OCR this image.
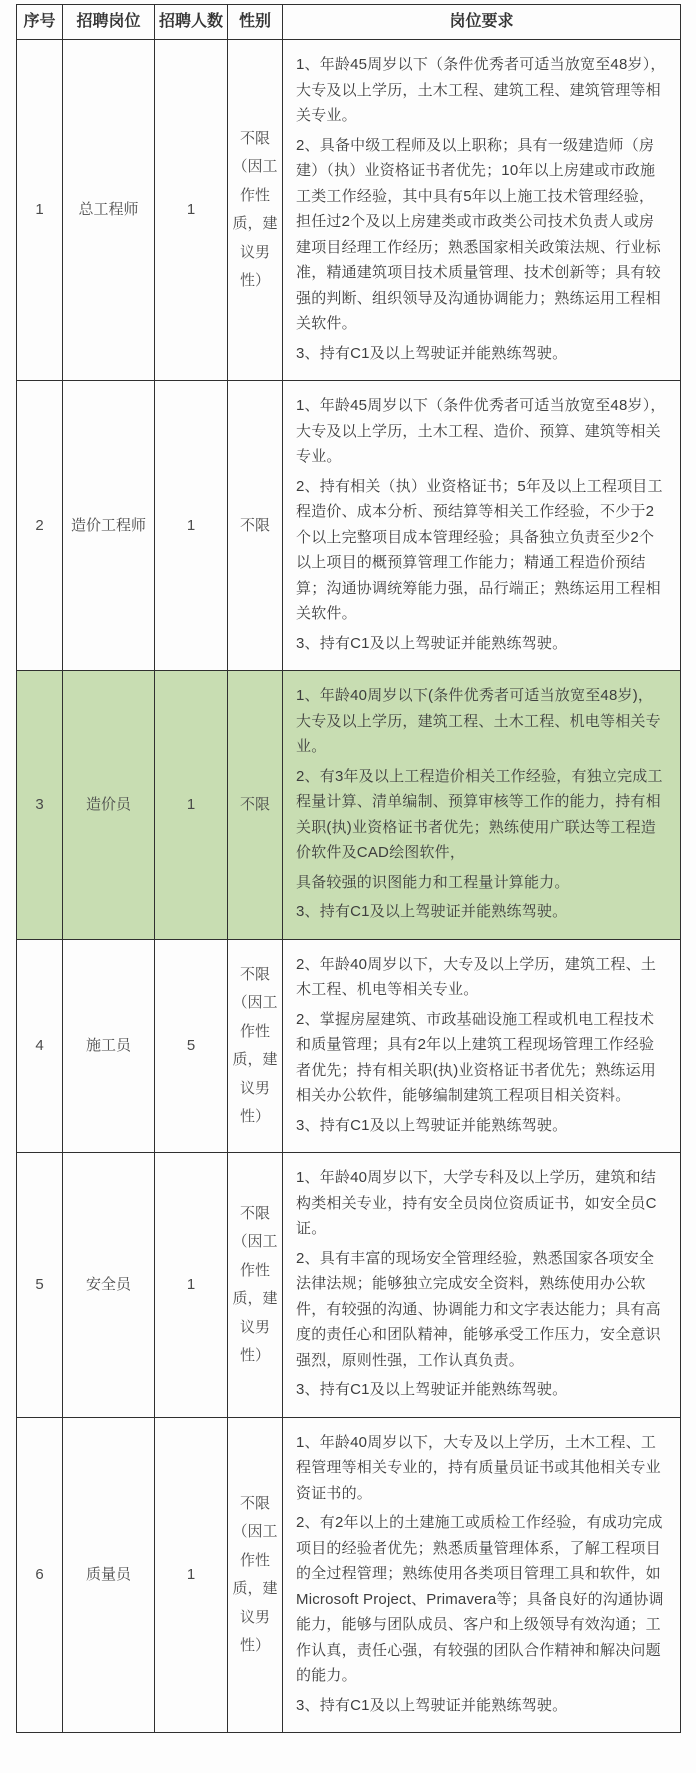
序号	招聘岗位	招聘人数	性别	岗位要求
1	总工程师	1	不限（因工作性质，建议男性）	1、年龄45周岁以下（条件优秀者可适当放宽至48岁），大专及以上学历，土木工程、建筑工程、建筑管理等相关专业。

2、具备中级工程师及以上职称；具有一级建造师（房建）（执）业资格证书者优先；10年以上房建或市政施工类工作经验，其中具有5年以上施工技术管理经验，担任过2个及以上房建类或市政类公司技术负责人或房建项目经理工作经历；熟悉国家相关政策法规、行业标准，精通建筑项目技术质量管理、技术创新等；具有较强的判断、组织领导及沟通协调能力；熟练运用工程相关软件。

3、持有C1及以上驾驶证并能熟练驾驶。

2	造价工程师	1	不限	1、年龄45周岁以下（条件优秀者可适当放宽至48岁），大专及以上学历，土木工程、造价、预算、建筑等相关专业。

2、持有相关（执）业资格证书；5年及以上工程项目工程造价、成本分析、预结算等相关工作经验，不少于2个以上完整项目成本管理经验；具备独立负责至少2个以上项目的概预算管理工作能力；精通工程造价预结算；沟通协调统筹能力强，品行端正；熟练运用工程相关软件。

3、持有C1及以上驾驶证并能熟练驾驶。

3	造价员	1	不限	1、年龄40周岁以下(条件优秀者可适当放宽至48岁)，大专及以上学历，建筑工程、土木工程、机电等相关专业。

2、有3年及以上工程造价相关工作经验，有独立完成工程量计算、清单编制、预算审核等工作的能力，持有相关职(执)业资格证书者优先；熟练使用广联达等工程造价软件及CAD绘图软件，

具备较强的识图能力和工程量计算能力。

3、持有C1及以上驾驶证并能熟练驾驶。

4	施工员	5	不限（因工作性质，建议男性）	2、年龄40周岁以下，大专及以上学历，建筑工程、土木工程、机电等相关专业。

2、掌握房屋建筑、市政基础设施工程或机电工程技术和质量管理；具有2年以上建筑工程现场管理工作经验者优先；持有相关职(执)业资格证书者优先；熟练运用相关办公软件，能够编制建筑工程项目相关资料。

3、持有C1及以上驾驶证并能熟练驾驶。

5	安全员	1	不限（因工作性质，建议男性）	1、年龄40周岁以下，大学专科及以上学历，建筑和结构类相关专业，持有安全员岗位资质证书，如安全员C证。

2、具有丰富的现场安全管理经验，熟悉国家各项安全法律法规；能够独立完成安全资料，熟练使用办公软件，有较强的沟通、协调能力和文字表达能力；具有高度的责任心和团队精神，能够承受工作压力，安全意识强烈，原则性强，工作认真负责。

3、持有C1及以上驾驶证并能熟练驾驶。

6	质量员	1	不限（因工作性质，建议男性）	1、年龄40周岁以下，大专及以上学历，土木工程、工程管理等相关专业的，持有质量员证书或其他相关专业资证书的。

2、有2年以上的土建施工或质检工作经验，有成功完成项目的经验者优先；熟悉质量管理体系，了解工程项目的全过程管理；熟练使用各类项目管理工具和软件，如Microsoft Project、Primavera等；具备良好的沟通协调能力，能够与团队成员、客户和上级领导有效沟通；工作认真，责任心强，有较强的团队合作精神和解决问题的能力。

3、持有C1及以上驾驶证并能熟练驾驶。
